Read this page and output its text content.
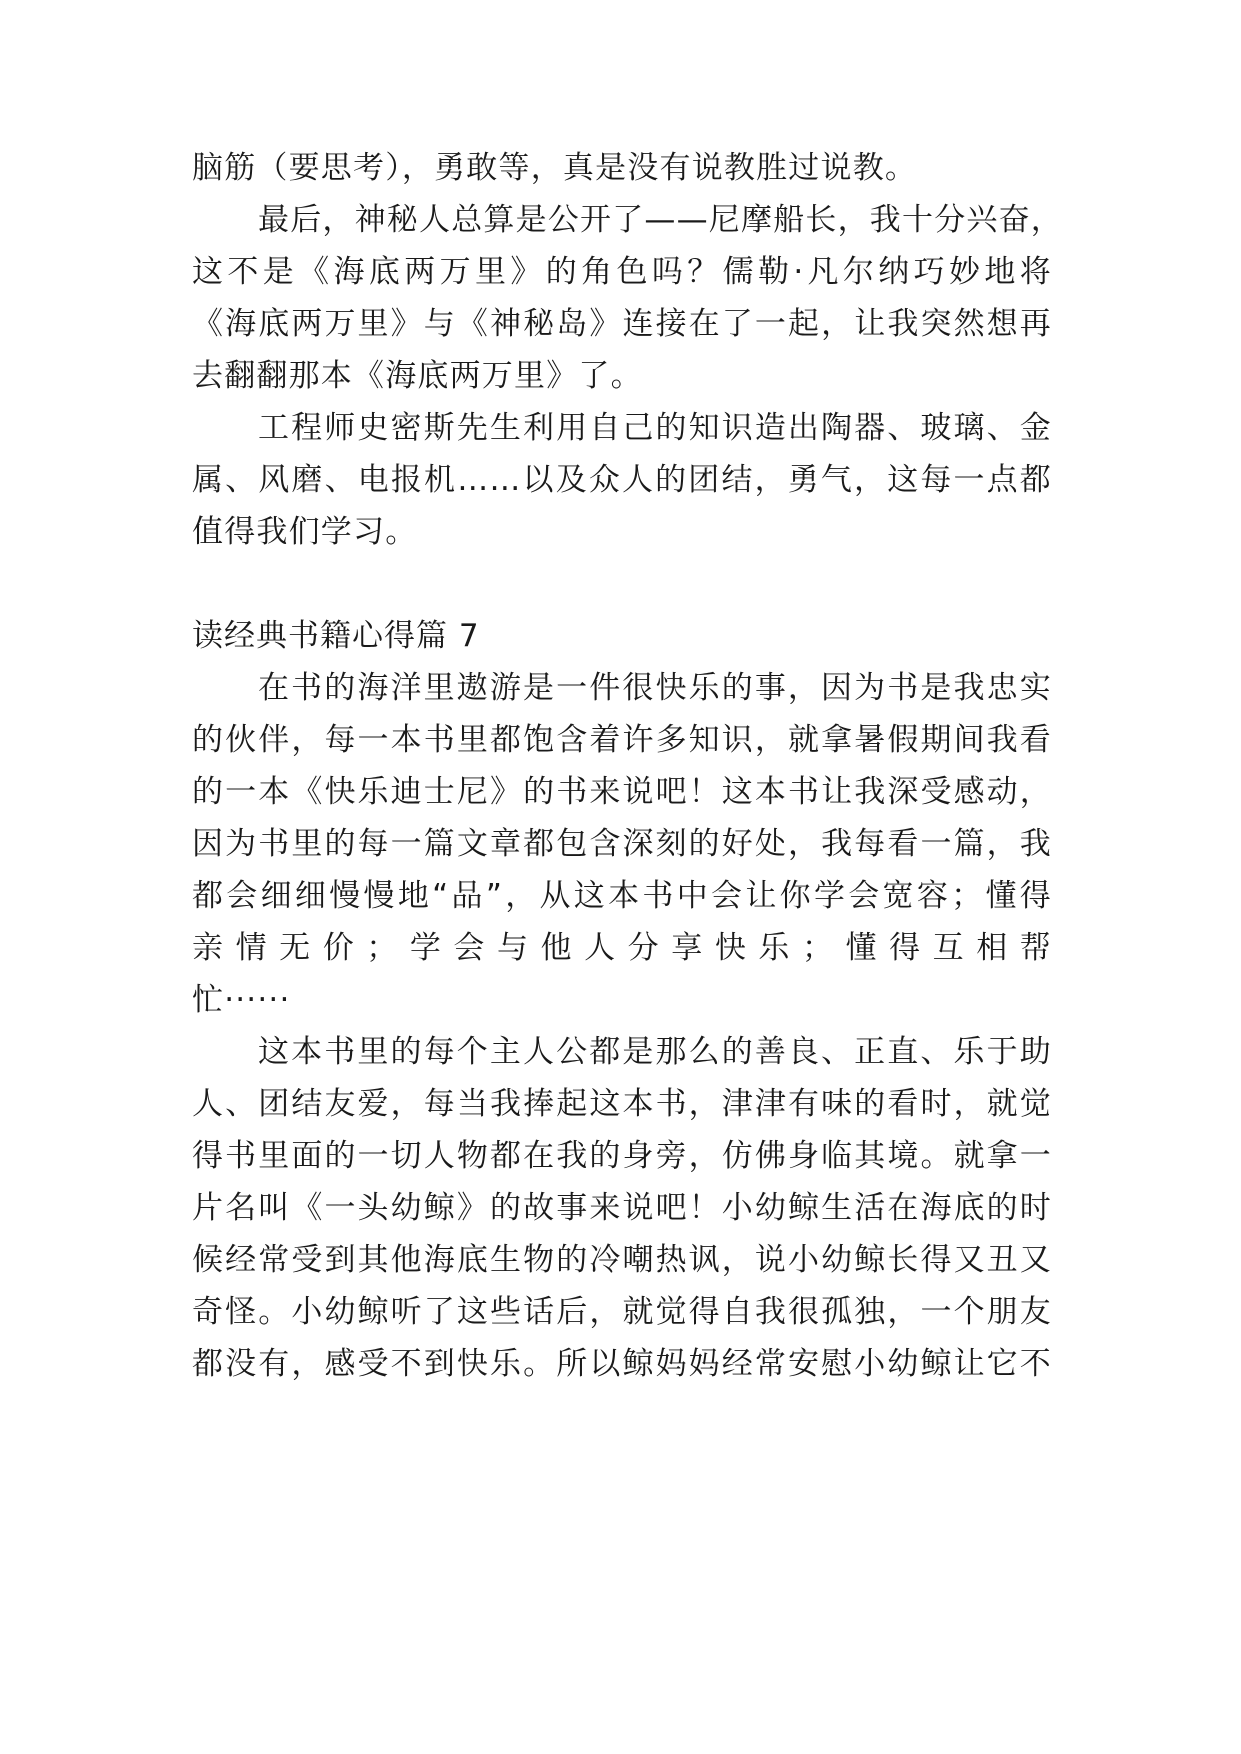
脑筋（要思考），勇敢等，真是没有说教胜过说教。
最后，神秘人总算是公开了——尼摩船长，我十分兴奋，
这不是《海底两万里》的角色吗？儒勒·凡尔纳巧妙地将
《海底两万里》与《神秘岛》连接在了一起，让我突然想再
去翻翻那本《海底两万里》了。
工程师史密斯先生利用自己的知识造出陶器、玻璃、金
属、风磨、电报机……以及众人的团结，勇气，这每一点都
值得我们学习。
读经典书籍心得篇 7
在书的海洋里遨游是一件很快乐的事，因为书是我忠实
的伙伴，每一本书里都饱含着许多知识，就拿暑假期间我看
的一本《快乐迪士尼》的书来说吧！这本书让我深受感动，
因为书里的每一篇文章都包含深刻的好处，我每看一篇，我
都会细细慢慢地“品”，从这本书中会让你学会宽容；懂得
亲情无价；学会与他人分享快乐；懂得互相帮
忙······
这本书里的每个主人公都是那么的善良、正直、乐于助
人、团结友爱，每当我捧起这本书，津津有味的看时，就觉
得书里面的一切人物都在我的身旁，仿佛身临其境。就拿一
片名叫《一头幼鲸》的故事来说吧！小幼鲸生活在海底的时
候经常受到其他海底生物的冷嘲热讽，说小幼鲸长得又丑又
奇怪。小幼鲸听了这些话后，就觉得自我很孤独，一个朋友
都没有，感受不到快乐。所以鲸妈妈经常安慰小幼鲸让它不
